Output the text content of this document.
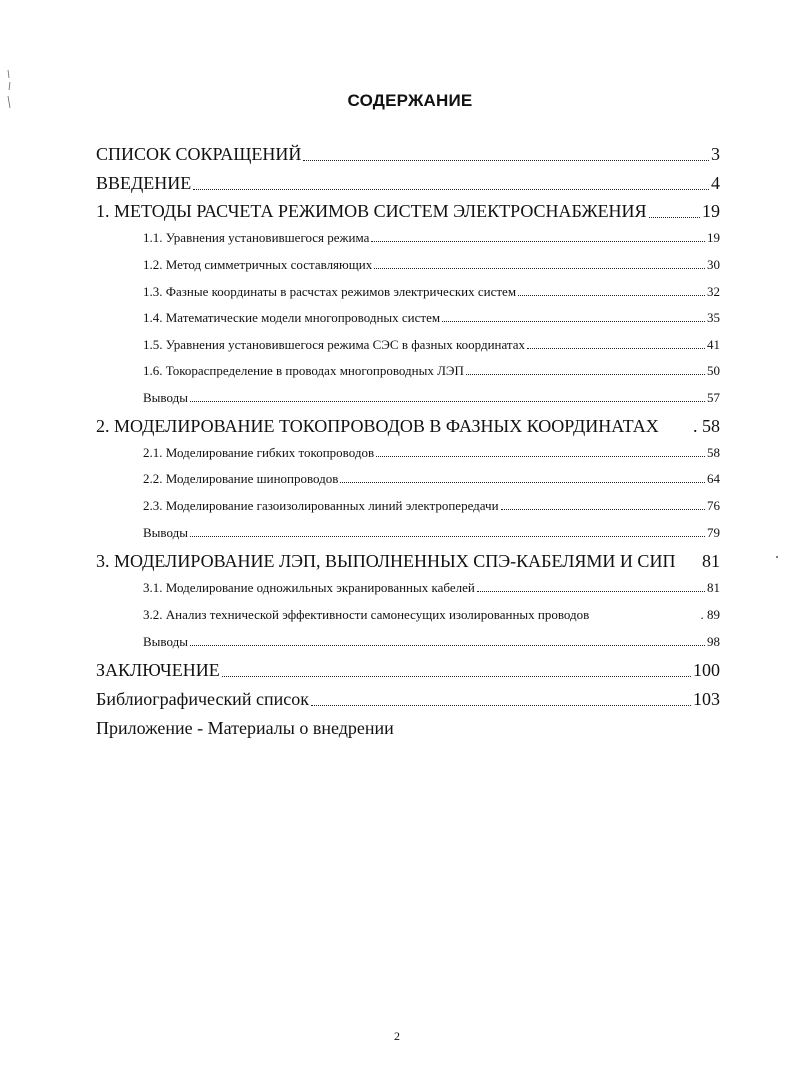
СОДЕРЖАНИЕ
СПИСОК СОКРАЩЕНИЙ	3
ВВЕДЕНИЕ	4
1. МЕТОДЫ РАСЧЕТА РЕЖИМОВ СИСТЕМ ЭЛЕКТРОСНАБЖЕНИЯ	19
1.1. Уравнения установившегося режима	19
1.2. Метод симметричных составляющих	30
1.3. Фазные координаты в расчстах режимов электрических систем	32
1.4. Математические модели многопроводных систем	35
1.5. Уравнения установившегося режима СЭС в фазных координатах	41
1.6. Токораспределение в проводах многопроводных ЛЭП	50
Выводы	57
2. МОДЕЛИРОВАНИЕ ТОКОПРОВОДОВ В ФАЗНЫХ КООРДИНАТАХ . 58
2.1. Моделирование гибких токопроводов	58
2.2. Моделирование шинопроводов	64
2.3. Моделирование газоизолированных линий электропередачи	76
Выводы	79
3. МОДЕЛИРОВАНИЕ ЛЭП, ВЫПОЛНЕННЫХ СПЭ-КАБЕЛЯМИ И СИП 81
3.1. Моделирование одножильных экранированных кабелей	81
3.2. Анализ технической эффективности самонесущих изолированных проводов	. 89
Выводы	98
ЗАКЛЮЧЕНИЕ	100
Библиографический список	103
Приложение - Материалы о внедрении
2
